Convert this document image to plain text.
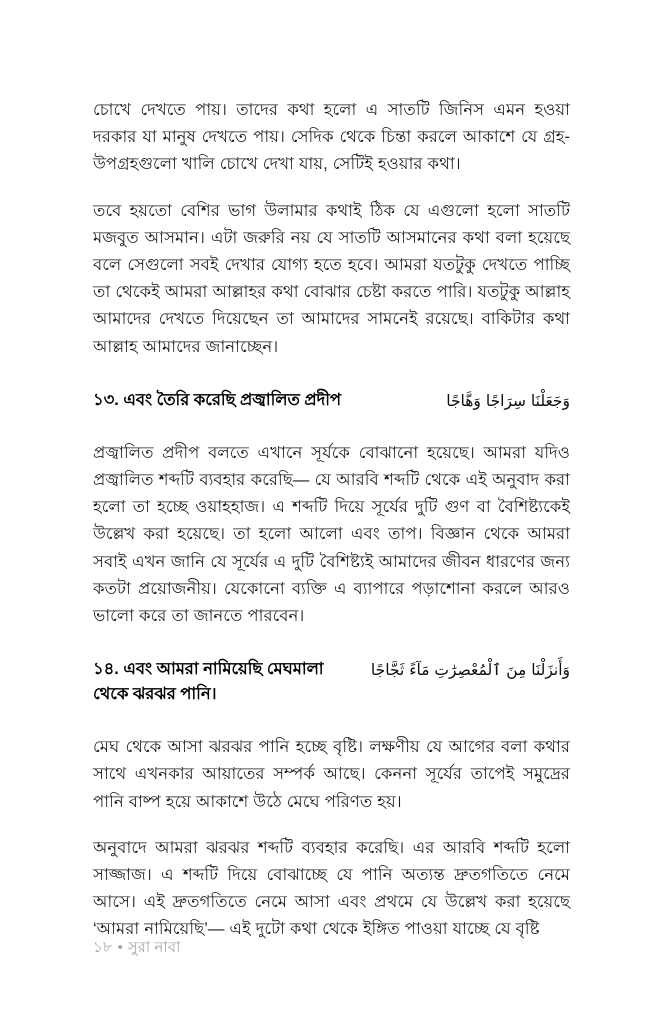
চোখে দেখতে পায়। তাদের কথা হলো এ সাতটি জিনিস এমন হওয়া দরকার যা মানুষ দেখতে পায়। সেদিক থেকে চিন্তা করলে আকাশে যে গ্রহ-উপগ্রহগুলো খালি চোখে দেখা যায়, সেটিই হওয়ার কথা।

তবে হয়তো বেশির ভাগ উলামার কথাই ঠিক যে এগুলো হলো সাতটি মজবুত আসমান। এটা জরুরি নয় যে সাতটি আসমানের কথা বলা হয়েছে বলে সেগুলো সবই দেখার যোগ্য হতে হবে। আমরা যতটুকু দেখতে পাচ্ছি তা থেকেই আমরা আল্লাহর কথা বোঝার চেষ্টা করতে পারি। যতটুকু আল্লাহ আমাদের দেখতে দিয়েছেন তা আমাদের সামনেই রয়েছে। বাকিটার কথা আল্লাহ আমাদের জানাচ্ছেন।

১৩. এবং তৈরি করেছি প্রজ্বালিত প্রদীপ	وَجَعَلْنَا سِرَاجًا وَهَّاجًا

প্রজ্বালিত প্রদীপ বলতে এখানে সূর্যকে বোঝানো হয়েছে। আমরা যদিও প্রজ্বালিত শব্দটি ব্যবহার করেছি— যে আরবি শব্দটি থেকে এই অনুবাদ করা হলো তা হচ্ছে ওয়াহহাজ। এ শব্দটি দিয়ে সূর্যের দুটি গুণ বা বৈশিষ্ট্যকেই উল্লেখ করা হয়েছে। তা হলো আলো এবং তাপ। বিজ্ঞান থেকে আমরা সবাই এখন জানি যে সূর্যের এ দুটি বৈশিষ্ট্যই আমাদের জীবন ধারণের জন্য কতটা প্রয়োজনীয়। যেকোনো ব্যক্তি এ ব্যাপারে পড়াশোনা করলে আরও ভালো করে তা জানতে পারবেন।

১৪. এবং আমরা নামিয়েছি মেঘমালা থেকে ঝরঝর পানি।
وَأَنزَلْنَا مِنَ ٱلْمُعْصِرَٰتِ مَآءً ثَجَّاجًا

মেঘ থেকে আসা ঝরঝর পানি হচ্ছে বৃষ্টি। লক্ষণীয় যে আগের বলা কথার সাথে এখনকার আয়াতের সম্পর্ক আছে। কেননা সূর্যের তাপেই সমুদ্রের পানি বাষ্প হয়ে আকাশে উঠে মেঘে পরিণত হয়।

অনুবাদে আমরা ঝরঝর শব্দটি ব্যবহার করেছি। এর আরবি শব্দটি হলো সাজ্জাজ। এ শব্দটি দিয়ে বোঝাচ্ছে যে পানি অত্যন্ত দ্রুতগতিতে নেমে আসে। এই দ্রুতগতিতে নেমে আসা এবং প্রথমে যে উল্লেখ করা হয়েছে ‘আমরা নামিয়েছি’— এই দুটো কথা থেকে ইঙ্গিত পাওয়া যাচ্ছে যে বৃষ্টি

১৮ • সুরা নাবা
